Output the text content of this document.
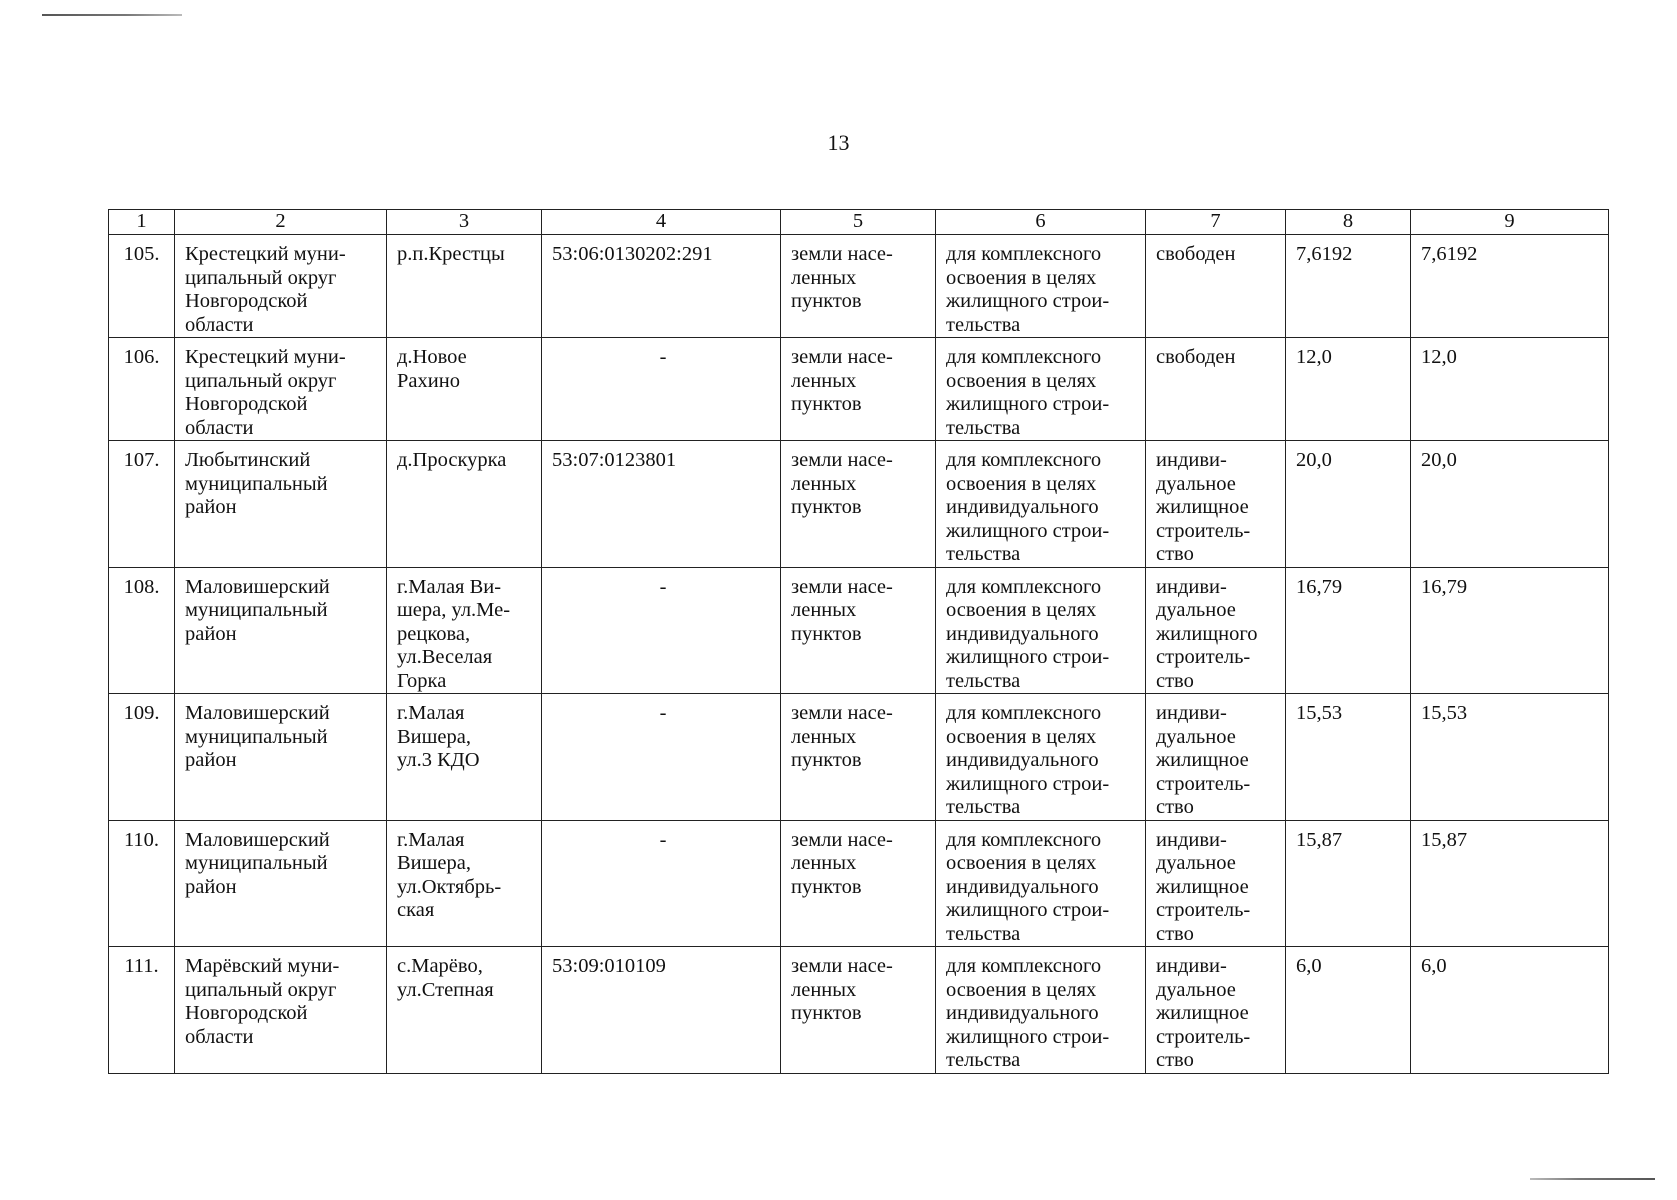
13
1	2	3	4	5	6	7	8	9
105.	Крестецкий муни-
ципальный округ
Новгородской
области	р.п.Крестцы	53:06:0130202:291	земли насе-
ленных
пунктов	для комплексного
освоения в целях
жилищного строи-
тельства	свободен	7,6192	7,6192
106.	Крестецкий муни-
ципальный округ
Новгородской
области	д.Новое
Рахино	-	земли насе-
ленных
пунктов	для комплексного
освоения в целях
жилищного строи-
тельства	свободен	12,0	12,0
107.	Любытинский
муниципальный
район	д.Проскурка	53:07:0123801	земли насе-
ленных
пунктов	для комплексного
освоения в целях
индивидуального
жилищного строи-
тельства	индиви-
дуальное
жилищное
строитель-
ство	20,0	20,0
108.	Маловишерский
муниципальный
район	г.Малая Ви-
шера, ул.Ме-
рецкова,
ул.Веселая
Горка	-	земли насе-
ленных
пунктов	для комплексного
освоения в целях
индивидуального
жилищного строи-
тельства	индиви-
дуальное
жилищного
строитель-
ство	16,79	16,79
109.	Маловишерский
муниципальный
район	г.Малая
Вишера,
ул.3 КДО	-	земли насе-
ленных
пунктов	для комплексного
освоения в целях
индивидуального
жилищного строи-
тельства	индиви-
дуальное
жилищное
строитель-
ство	15,53	15,53
110.	Маловишерский
муниципальный
район	г.Малая
Вишера,
ул.Октябрь-
ская	-	земли насе-
ленных
пунктов	для комплексного
освоения в целях
индивидуального
жилищного строи-
тельства	индиви-
дуальное
жилищное
строитель-
ство	15,87	15,87
111.	Марёвский муни-
ципальный округ
Новгородской
области	с.Марёво,
ул.Степная	53:09:010109	земли насе-
ленных
пунктов	для комплексного
освоения в целях
индивидуального
жилищного строи-
тельства	индиви-
дуальное
жилищное
строитель-
ство	6,0	6,0
